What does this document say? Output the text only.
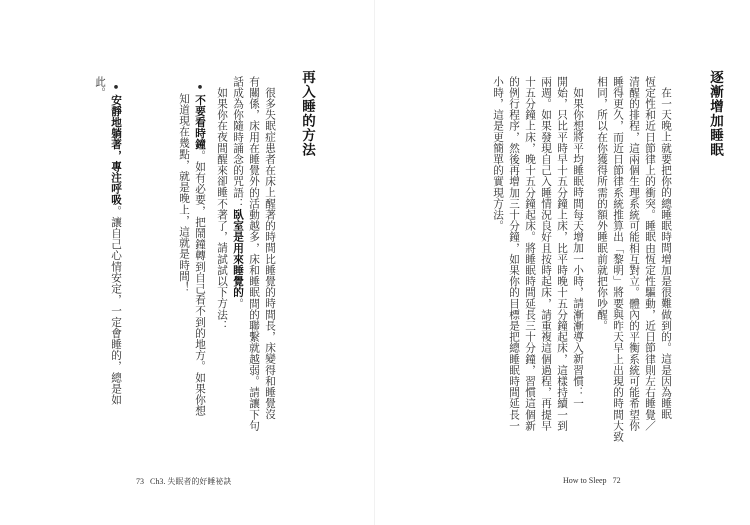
逐漸增加睡眠
在一天晚上就要把你的總睡眠時間增加是很難做到的。這是因為睡眠
恆定性和近日節律上的衝突。睡眠由恆定性驅動，近日節律則左右睡覺／
清醒的排程，這兩個生理系統可能相互對立。體內的平衡系統可能希望你
睡得更久，而近日節律系統推算出「黎明」將要與昨天早上出現的時間大致
相同，所以在你獲得所需的額外睡眠前就把你吵醒。
如果你想將平均睡眠時間每天增加一小時，請漸漸導入新習慣：一
開始，只比平時早十五分鐘上床，比平時晚十五分鐘起床，這樣持續一到
兩週。如果發現自己入睡情況良好且按時起床，請重複這個過程，再提早
十五分鐘上床，晚十五分鐘起床。將睡眠時間延長三十分鐘，習慣這個新
的例行程序，然後再增加三十分鐘，如果你的目標是把總睡眠時間延長一
小時，這是更簡單的實現方法。
How to Sleep 72
再入睡的方法
很多失眠症患者在床上醒著的時間比睡覺的時間長，床變得和睡覺沒
有關係，床用在睡覺外的活動越多，床和睡眠間的聯繫就越弱。請讓下句
話成為你隨時誦念的咒語：臥室是用來睡覺的。
如果你在夜間醒來卻睡不著了，請試試以下方法：
•不要看時鐘。如有必要，把鬧鐘轉到自己看不到的地方。如果你想
知道現在幾點，就是晚上，這就是時間！
•安靜地躺著，專注呼吸。讓自己心情安定，一定會睡的，總是如
此。
73 Ch3. 失眠者的好睡祕訣
